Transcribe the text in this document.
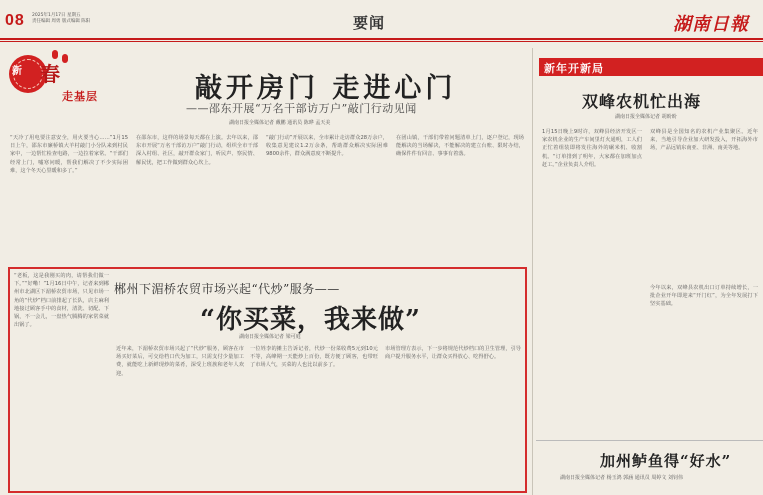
08 2025年1月17日 星期五
责任编辑 周勇 版式编辑 陈阳	要闻	湖南日報
新 春
走基层	敲开房门 走进心门
——邵东开展“万名干部访万户”敲门行动见闻
湖南日报全媒体记者 戴鹏 通讯员 陈晔 孟天美
“天冷了用电要注意安全，用火要当心……”1月15日上午，邵东市廉桥镇大羊村敲门小分队来到村民家中，一边帮忙检查电路，一边拉着家常。“干部们经常上门，嘘寒问暖，帮我们解决了不少实际困难，这个冬天心里暖和多了。”
在邵东市，这样的场景每天都在上演。去年以来，邵东市开展“万名干部访万户”敲门行动，组织全市干部深入村组、社区，敲开群众家门，听民声、察民情、解民忧，把工作做到群众心坎上。
“敲门行动”开展以来，全市累计走访群众28万余户，收集意见建议1.2万余条，帮助群众解决实际困难9800余件，群众满意度不断提升。
在团山镇，干部们带着问题清单上门，逐户登记，现场能解决的当场解决，不能解决的建立台账、限时办结，确保件件有回音、事事有着落。
郴州下湄桥农贸市场兴起“代炒”服务——
“你买菜，我来做”
湖南日报全媒体记者 梁可庭
“老板，这是我刚买的肉，请帮我们做一下。”“好嘞！”1月16日中午，记者来到郴州市北湖区下湄桥农贸市场，只见市场一角的“代炒”档口前排起了长队，店主麻利地接过顾客手中的食材，清洗、切配、下锅，不一会儿，一盘热气腾腾的家常菜就出锅了。
近年来，下湄桥农贸市场兴起了“代炒”服务，顾客在市场买好菜后，可交给档口代为加工，只需支付少量加工费，就能吃上新鲜现炒的菜肴，深受上班族和老年人欢迎。
一位姓李的摊主告诉记者，代炒一份菜收费5元到10元不等，高峰期一天能炒上百份，既方便了顾客，也带旺了市场人气，买菜的人也比以前多了。
市场管理方表示，下一步将规范代炒档口的卫生管理，引导商户提升服务水平，让群众买得放心、吃得舒心。
新年开新局
双峰农机忙出海
湖南日报全媒体记者 胡盼盼
1月15日晚上9时许，双峰县经济开发区一家农机企业的生产车间里灯火通明，工人们正忙着组装即将发往海外的碾米机、收割机。“订单排到了明年，大家都在加班加点赶工。”企业负责人介绍。
双峰县是全国知名的农机产业集聚区。近年来，当地引导企业加大研发投入，开拓海外市场，产品远销东南亚、非洲、南美等地。
今年以来，双峰县农机出口订单持续增长，一批企业开年即迎来“开门红”，为全年发展打下坚实基础。
加州鲈鱼得“好水”
湖南日报全媒体记者 杨玉鸿 郭涵 通讯员 周婷文 刘钊伟
